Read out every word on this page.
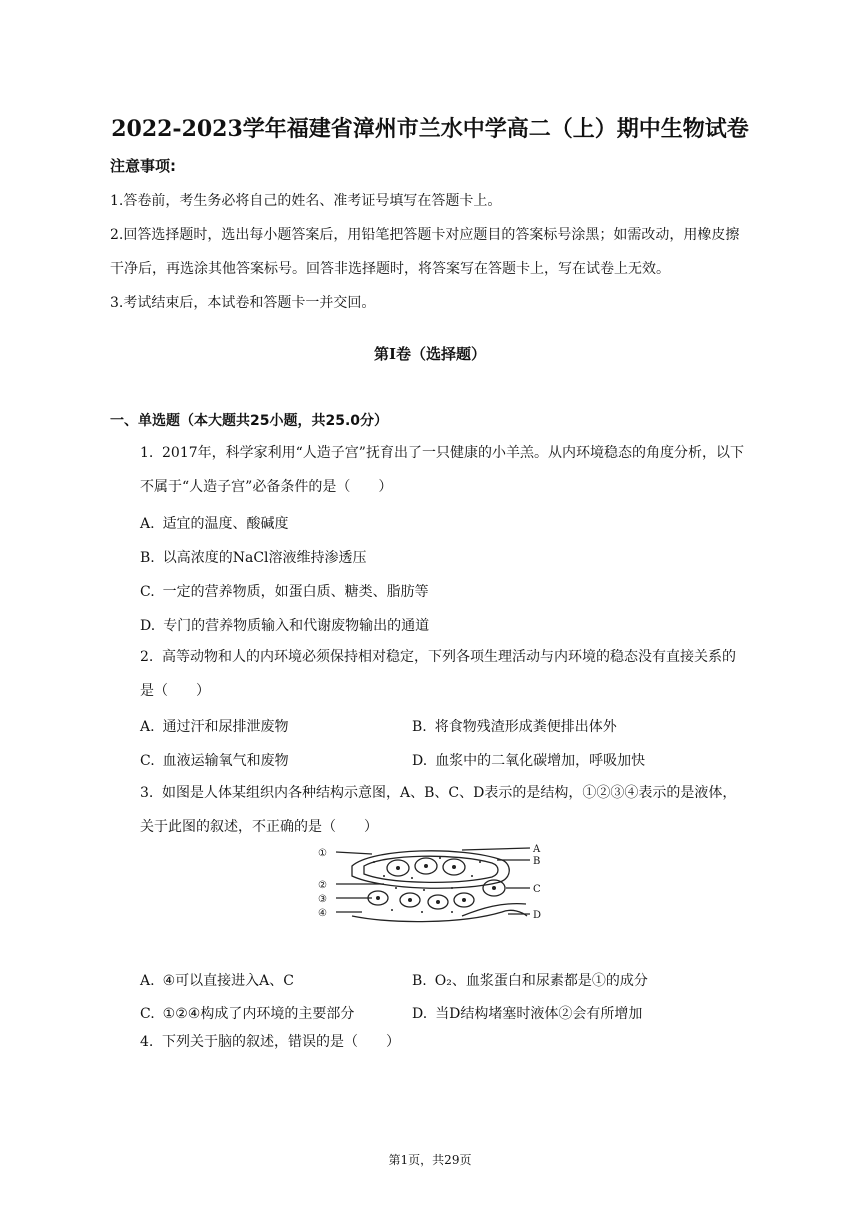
2022-2023学年福建省漳州市兰水中学高二（上）期中生物试卷
注意事项:
1.答卷前，考生务必将自己的姓名、准考证号填写在答题卡上。
2.回答选择题时，选出每小题答案后，用铅笔把答题卡对应题目的答案标号涂黑；如需改动，用橡皮擦干净后，再选涂其他答案标号。回答非选择题时，将答案写在答题卡上，写在试卷上无效。
3.考试结束后，本试卷和答题卡一并交回。
第I卷（选择题）
一、单选题（本大题共25小题，共25.0分）
1. 2017年，科学家利用“人造子宫”抚育出了一只健康的小羊羔。从内环境稳态的角度分析，以下不属于“人造子宫”必备条件的是（　　）
A. 适宜的温度、酸碱度
B. 以高浓度的NaCl溶液维持渗透压
C. 一定的营养物质，如蛋白质、糖类、脂肪等
D. 专门的营养物质输入和代谢废物输出的通道
2. 高等动物和人的内环境必须保持相对稳定，下列各项生理活动与内环境的稳态没有直接关系的是（　　）
A. 通过汗和尿排泄废物	B. 将食物残渣形成粪便排出体外
C. 血液运输氧气和废物	D. 血浆中的二氧化碳增加，呼吸加快
3. 如图是人体某组织内各种结构示意图，A、B、C、D表示的是结构，①②③④表示的是液体，关于此图的叙述，不正确的是（　　）
①
②
③
④
A
B
C
D
A. ④可以直接进入A、C	B. O₂、血浆蛋白和尿素都是①的成分
C. ①②④构成了内环境的主要部分	D. 当D结构堵塞时液体②会有所增加
4. 下列关于脑的叙述，错误的是（　　）
第1页，共29页
